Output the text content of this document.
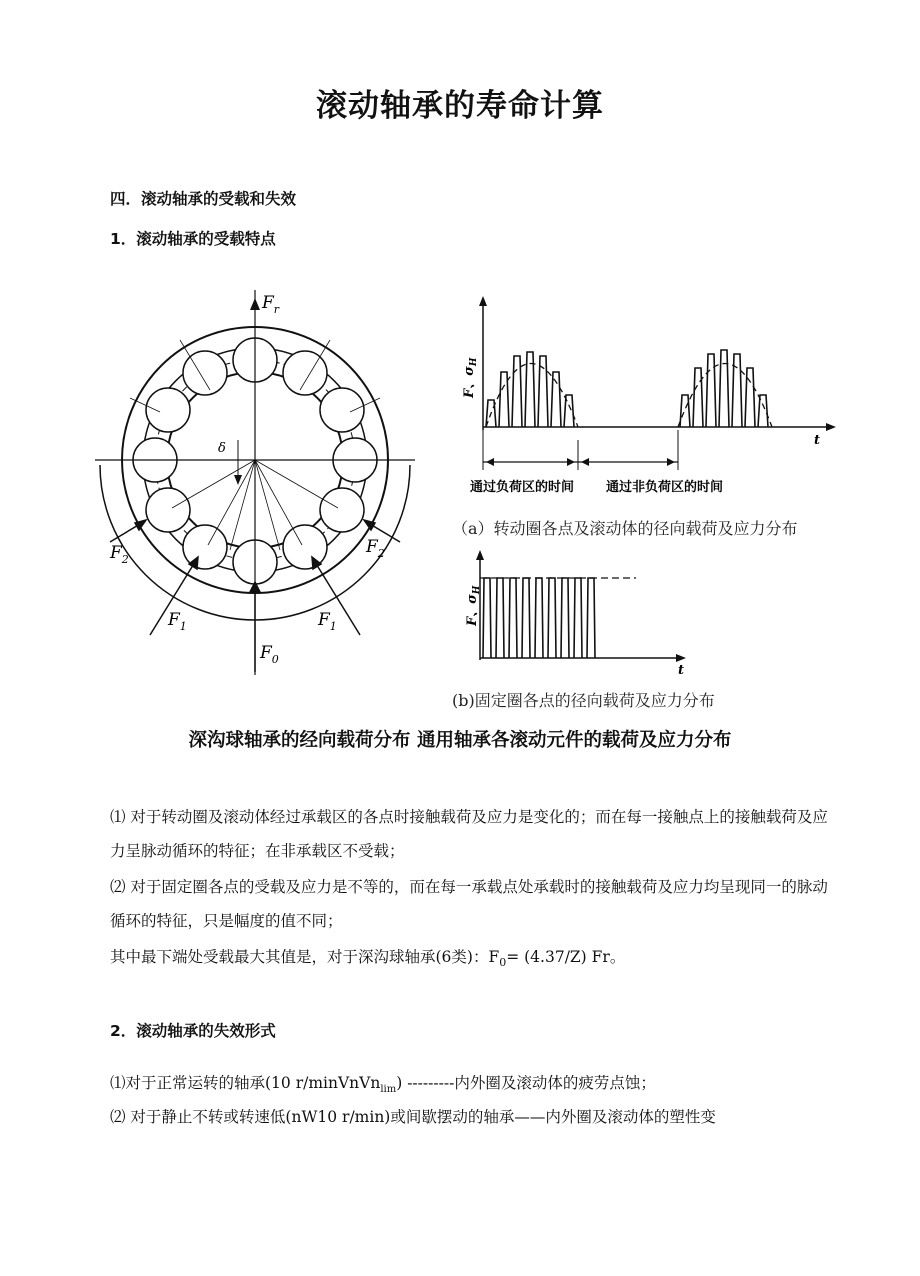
滚动轴承的寿命计算
四．滚动轴承的受载和失效
1．滚动轴承的受载特点
δ
$F_r$
$F_1$	$F_1$
$F_2$
$F_2$
$F_0$
F、$\sigma_H$
t
通过负荷区的时间 通过非负荷区的时间
（a）转动圈各点及滚动体的径向载荷及应力分布
F、$\sigma_H$
t
(b)固定圈各点的径向载荷及应力分布
深沟球轴承的经向载荷分布 通用轴承各滚动元件的载荷及应力分布
⑴ 对于转动圈及滚动体经过承载区的各点时接触载荷及应力是变化的；而在每一接触点上的接触载荷及应力呈脉动循环的特征；在非承载区不受载；
⑵ 对于固定圈各点的受载及应力是不等的，而在每一承载点处承载时的接触载荷及应力均呈现同一的脉动循环的特征，只是幅度的值不同；
其中最下端处受载最大其值是，对于深沟球轴承(6类)：$F_0= (4.37/Z)$ Fr。
2．滚动轴承的失效形式
⑴对于正常运转的轴承(10 r/minVnVn$_{lim}$) ---------内外圈及滚动体的疲劳点蚀；
⑵ 对于静止不转或转速低(nW10 r/min)或间歇摆动的轴承——内外圈及滚动体的塑性变
